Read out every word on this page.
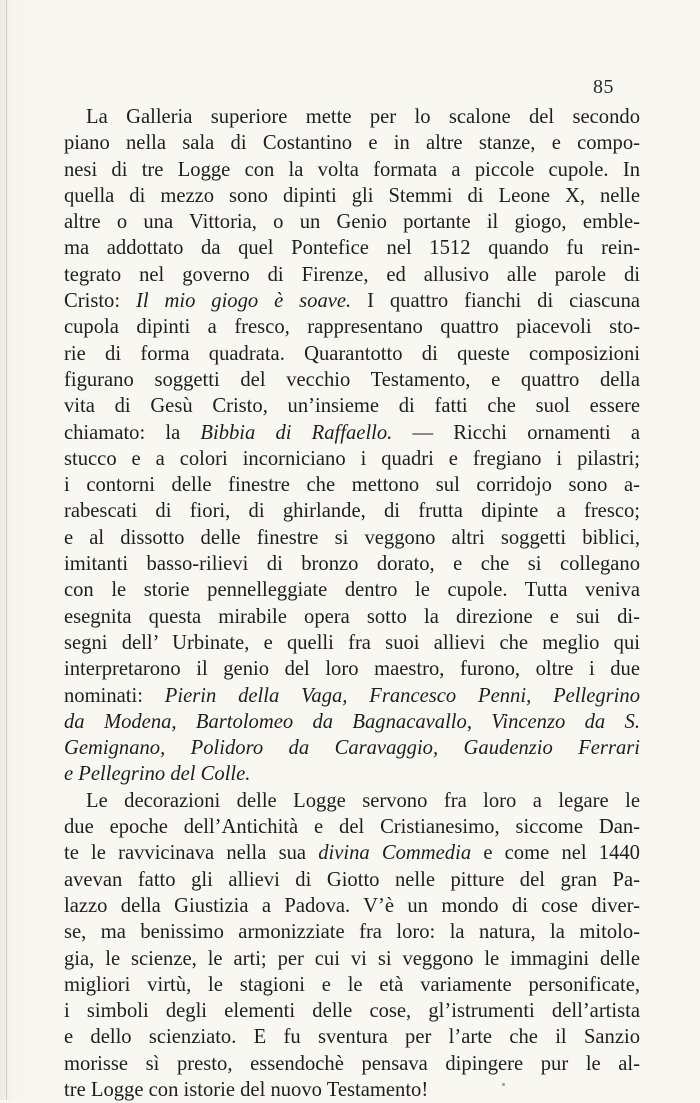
85
La Galleria superiore mette per lo scalone del secondo
piano nella sala di Costantino e in altre stanze, e compo-
nesi di tre Logge con la volta formata a piccole cupole. In
quella di mezzo sono dipinti gli Stemmi di Leone X, nelle
altre o una Vittoria, o un Genio portante il giogo, emble-
ma addottato da quel Pontefice nel 1512 quando fu rein-
tegrato nel governo di Firenze, ed allusivo alle parole di
Cristo: Il mio giogo è soave. I quattro fianchi di ciascuna
cupola dipinti a fresco, rappresentano quattro piacevoli sto-
rie di forma quadrata. Quarantotto di queste composizioni
figurano soggetti del vecchio Testamento, e quattro della
vita di Gesù Cristo, un’insieme di fatti che suol essere
chiamato: la Bibbia di Raffaello. — Ricchi ornamenti a
stucco e a colori incorniciano i quadri e fregiano i pilastri;
i contorni delle finestre che mettono sul corridojo sono a-
rabescati di fiori, di ghirlande, di frutta dipinte a fresco;
e al dissotto delle finestre si veggono altri soggetti biblici,
imitanti basso-rilievi di bronzo dorato, e che si collegano
con le storie pennelleggiate dentro le cupole. Tutta veniva
esegnita questa mirabile opera sotto la direzione e sui di-
segni dell’ Urbinate, e quelli fra suoi allievi che meglio qui
interpretarono il genio del loro maestro, furono, oltre i due
nominati: Pierin della Vaga, Francesco Penni, Pellegrino
da Modena, Bartolomeo da Bagnacavallo, Vincenzo da S.
Gemignano, Polidoro da Caravaggio, Gaudenzio Ferrari
e Pellegrino del Colle.
Le decorazioni delle Logge servono fra loro a legare le
due epoche dell’Antichità e del Cristianesimo, siccome Dan-
te le ravvicinava nella sua divina Commedia e come nel 1440
avevan fatto gli allievi di Giotto nelle pitture del gran Pa-
lazzo della Giustizia a Padova. V’è un mondo di cose diver-
se, ma benissimo armonizziate fra loro: la natura, la mitolo-
gia, le scienze, le arti; per cui vi si veggono le immagini delle
migliori virtù, le stagioni e le età variamente personificate,
i simboli degli elementi delle cose, gl’istrumenti dell’artista
e dello scienziato. E fu sventura per l’arte che il Sanzio
morisse sì presto, essendochè pensava dipingere pur le al-
tre Logge con istorie del nuovo Testamento!
